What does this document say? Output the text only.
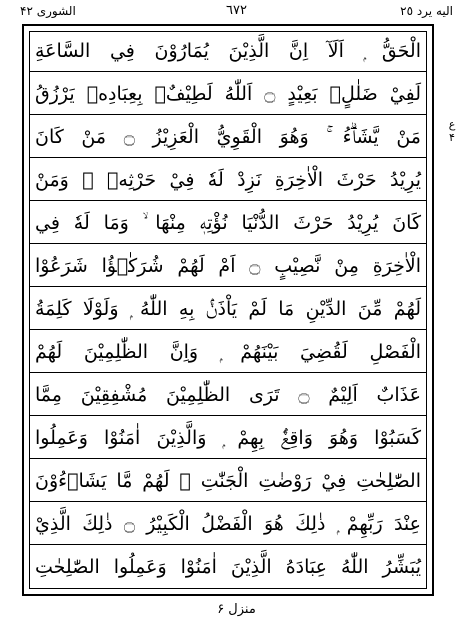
اليه يرد ٢٥
٦٧٢
الشورى ۴۲
الْحَقُّ ۭ اَلَآ اِنَّ الَّذِيْنَ يُمَارُوْنَ فِي السَّاعَةِ
لَفِيْ ضَلٰلٍۢ بَعِيْدٍ ۝ اَللّٰهُ لَطِيْفٌۢ بِعِبَادِهٖ يَرْزُقُ
مَنْ يَّشَاۗءُ ۚ وَهُوَ الْقَوِيُّ الْعَزِيْزُ ۝ مَنْ كَانَ
يُرِيْدُ حَرْثَ الْاٰخِرَةِ نَزِدْ لَهٗ فِيْ حَرْثِهٖ ۚ وَمَنْ
كَانَ يُرِيْدُ حَرْثَ الدُّنْيَا نُؤْتِهٖ مِنْهَا ۙ وَمَا لَهٗ فِي
الْاٰخِرَةِ مِنْ نَّصِيْبٍ ۝ اَمْ لَهُمْ شُرَكٰۗؤُا شَرَعُوْا
لَهُمْ مِّنَ الدِّيْنِ مَا لَمْ يَاْذَنْۢ بِهِ اللّٰهُ ۭ وَلَوْلَا كَلِمَةُ
الْفَصْلِ لَقُضِيَ بَيْنَهُمْ ۭ وَاِنَّ الظّٰلِمِيْنَ لَهُمْ
عَذَابٌ اَلِيْمٌ ۝ تَرَى الظّٰلِمِيْنَ مُشْفِقِيْنَ مِمَّا
كَسَبُوْا وَهُوَ وَاقِعٌۢ بِهِمْ ۭ وَالَّذِيْنَ اٰمَنُوْا وَعَمِلُوا
الصّٰلِحٰتِ فِيْ رَوْضٰتِ الْجَنّٰتِ ۚ لَهُمْ مَّا يَشَاۗءُوْنَ
عِنْدَ رَبِّهِمْ ۭ ذٰلِكَ هُوَ الْفَضْلُ الْكَبِيْرُ ۝ ذٰلِكَ الَّذِيْ
يُبَشِّرُ اللّٰهُ عِبَادَهُ الَّذِيْنَ اٰمَنُوْا وَعَمِلُوا الصّٰلِحٰتِ
ع
۴
منزل ۶
